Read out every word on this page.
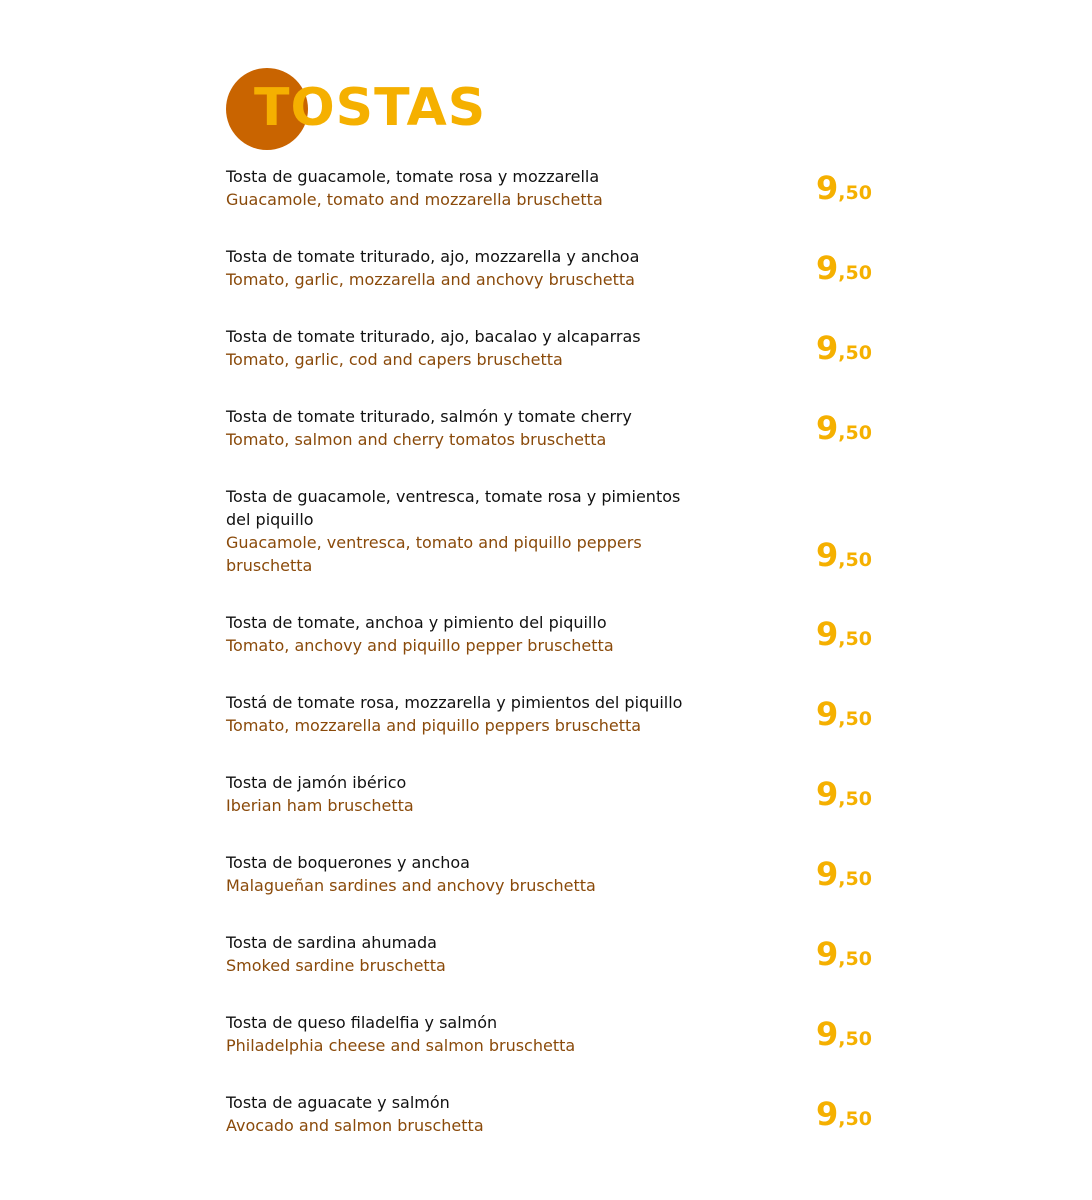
TOSTAS
Tosta de guacamole, tomate rosa y mozzarella
Guacamole, tomato and mozzarella bruschetta	9,50
Tosta de tomate triturado, ajo, mozzarella y anchoa
Tomato, garlic, mozzarella and anchovy bruschetta	9,50
Tosta de tomate triturado, ajo, bacalao y alcaparras
Tomato, garlic, cod and capers bruschetta	9,50
Tosta de tomate triturado, salmón y tomate cherry
Tomato, salmon and cherry tomatos bruschetta	9,50
Tosta de guacamole, ventresca, tomate rosa y pimientos del piquillo
Guacamole, ventresca, tomato and piquillo peppers bruschetta	9,50
Tosta de tomate, anchoa y pimiento del piquillo
Tomato, anchovy and piquillo pepper bruschetta	9,50
Tostá de tomate rosa, mozzarella y pimientos del piquillo
Tomato, mozzarella and piquillo peppers bruschetta	9,50
Tosta de jamón ibérico
Iberian ham bruschetta	9,50
Tosta de boquerones y anchoa
Malagueñan sardines and anchovy bruschetta	9,50
Tosta de sardina ahumada
Smoked sardine bruschetta	9,50
Tosta de queso filadelfia y salmón
Philadelphia cheese and salmon bruschetta	9,50
Tosta de aguacate y salmón
Avocado and salmon bruschetta	9,50
